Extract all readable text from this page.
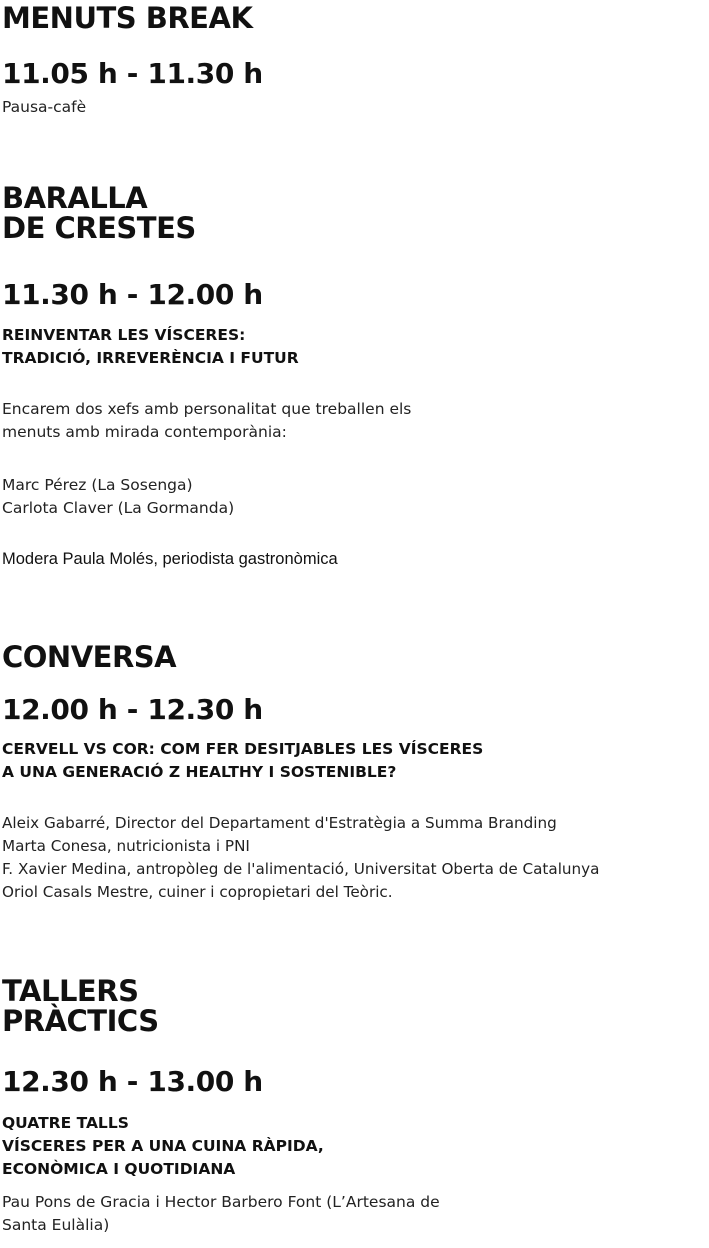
MENUTS BREAK

11.05 h - 11.30 h

Pausa-cafè

BARALLA
DE CRESTES

11.30 h - 12.00 h

REINVENTAR LES VÍSCERES:
TRADICIÓ, IRREVERÈNCIA I FUTUR

Encarem dos xefs amb personalitat que treballen els
menuts amb mirada contemporània:

Marc Pérez (La Sosenga)
Carlota Claver (La Gormanda)

Modera Paula Molés, periodista gastronòmica

CONVERSA

12.00 h - 12.30 h

CERVELL VS COR: COM FER DESITJABLES LES VÍSCERES
A UNA GENERACIÓ Z HEALTHY I SOSTENIBLE?

Aleix Gabarré, Director del Departament d'Estratègia a Summa Branding
Marta Conesa, nutricionista i PNI
F. Xavier Medina, antropòleg de l'alimentació, Universitat Oberta de Catalunya
Oriol Casals Mestre, cuiner i copropietari del Teòric.

TALLERS
PRÀCTICS

12.30 h - 13.00 h

QUATRE TALLS
VÍSCERES PER A UNA CUINA RÀPIDA,
ECONÒMICA I QUOTIDIANA

Pau Pons de Gracia i Hector Barbero Font (L’Artesana de
Santa Eulàlia)
